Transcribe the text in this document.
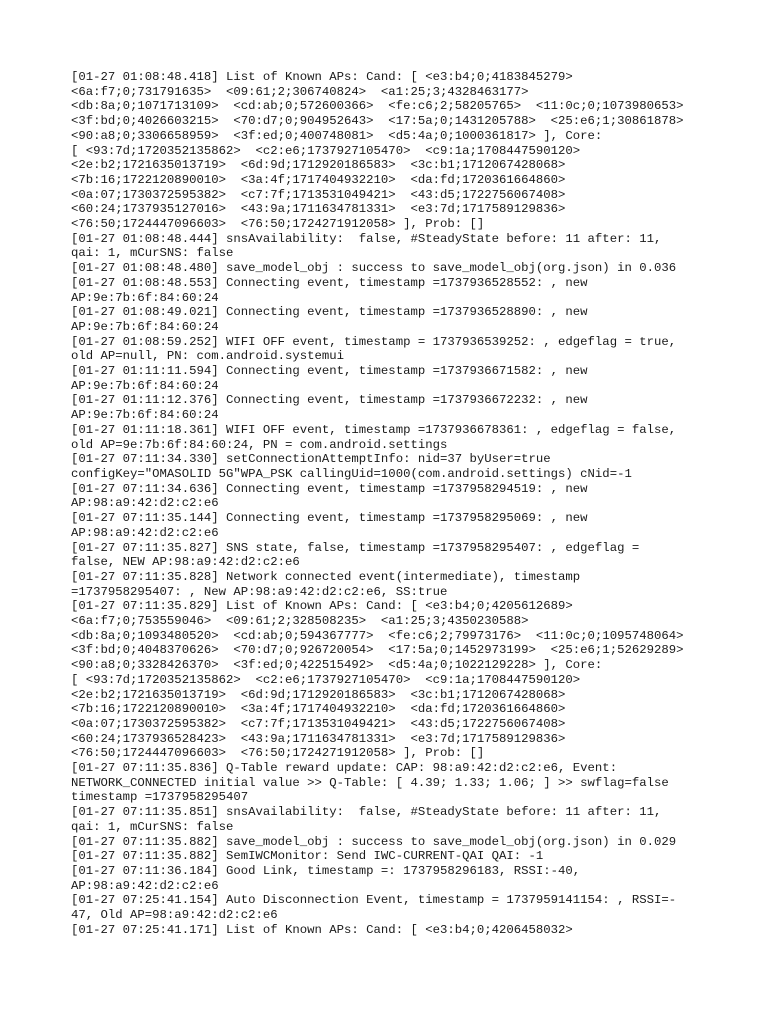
[01-27 01:08:48.418] List of Known APs: Cand: [ <e3:b4;0;4183845279>
<6a:f7;0;731791635>  <09:61;2;306740824>  <a1:25;3;4328463177>
<db:8a;0;1071713109>  <cd:ab;0;572600366>  <fe:c6;2;58205765>  <11:0c;0;1073980653>
<3f:bd;0;4026603215>  <70:d7;0;904952643>  <17:5a;0;1431205788>  <25:e6;1;30861878>
<90:a8;0;3306658959>  <3f:ed;0;400748081>  <d5:4a;0;1000361817> ], Core:
[ <93:7d;1720352135862>  <c2:e6;1737927105470>  <c9:1a;1708447590120>
<2e:b2;1721635013719>  <6d:9d;1712920186583>  <3c:b1;1712067428068>
<7b:16;1722120890010>  <3a:4f;1717404932210>  <da:fd;1720361664860>
<0a:07;1730372595382>  <c7:7f;1713531049421>  <43:d5;1722756067408>
<60:24;1737935127016>  <43:9a;1711634781331>  <e3:7d;1717589129836>
<76:50;1724447096603>  <76:50;1724271912058> ], Prob: []
[01-27 01:08:48.444] snsAvailability:  false, #SteadyState before: 11 after: 11,
qai: 1, mCurSNS: false
[01-27 01:08:48.480] save_model_obj : success to save_model_obj(org.json) in 0.036
[01-27 01:08:48.553] Connecting event, timestamp =1737936528552: , new
AP:9e:7b:6f:84:60:24
[01-27 01:08:49.021] Connecting event, timestamp =1737936528890: , new
AP:9e:7b:6f:84:60:24
[01-27 01:08:59.252] WIFI OFF event, timestamp = 1737936539252: , edgeflag = true,
old AP=null, PN: com.android.systemui
[01-27 01:11:11.594] Connecting event, timestamp =1737936671582: , new
AP:9e:7b:6f:84:60:24
[01-27 01:11:12.376] Connecting event, timestamp =1737936672232: , new
AP:9e:7b:6f:84:60:24
[01-27 01:11:18.361] WIFI OFF event, timestamp =1737936678361: , edgeflag = false,
old AP=9e:7b:6f:84:60:24, PN = com.android.settings
[01-27 07:11:34.330] setConnectionAttemptInfo: nid=37 byUser=true
configKey="OMASOLID 5G"WPA_PSK callingUid=1000(com.android.settings) cNid=-1
[01-27 07:11:34.636] Connecting event, timestamp =1737958294519: , new
AP:98:a9:42:d2:c2:e6
[01-27 07:11:35.144] Connecting event, timestamp =1737958295069: , new
AP:98:a9:42:d2:c2:e6
[01-27 07:11:35.827] SNS state, false, timestamp =1737958295407: , edgeflag =
false, NEW AP:98:a9:42:d2:c2:e6
[01-27 07:11:35.828] Network connected event(intermediate), timestamp
=1737958295407: , New AP:98:a9:42:d2:c2:e6, SS:true
[01-27 07:11:35.829] List of Known APs: Cand: [ <e3:b4;0;4205612689>
<6a:f7;0;753559046>  <09:61;2;328508235>  <a1:25;3;4350230588>
<db:8a;0;1093480520>  <cd:ab;0;594367777>  <fe:c6;2;79973176>  <11:0c;0;1095748064>
<3f:bd;0;4048370626>  <70:d7;0;926720054>  <17:5a;0;1452973199>  <25:e6;1;52629289>
<90:a8;0;3328426370>  <3f:ed;0;422515492>  <d5:4a;0;1022129228> ], Core:
[ <93:7d;1720352135862>  <c2:e6;1737927105470>  <c9:1a;1708447590120>
<2e:b2;1721635013719>  <6d:9d;1712920186583>  <3c:b1;1712067428068>
<7b:16;1722120890010>  <3a:4f;1717404932210>  <da:fd;1720361664860>
<0a:07;1730372595382>  <c7:7f;1713531049421>  <43:d5;1722756067408>
<60:24;1737936528423>  <43:9a;1711634781331>  <e3:7d;1717589129836>
<76:50;1724447096603>  <76:50;1724271912058> ], Prob: []
[01-27 07:11:35.836] Q-Table reward update: CAP: 98:a9:42:d2:c2:e6, Event:
NETWORK_CONNECTED initial value >> Q-Table: [ 4.39; 1.33; 1.06; ] >> swflag=false
timestamp =1737958295407
[01-27 07:11:35.851] snsAvailability:  false, #SteadyState before: 11 after: 11,
qai: 1, mCurSNS: false
[01-27 07:11:35.882] save_model_obj : success to save_model_obj(org.json) in 0.029
[01-27 07:11:35.882] SemIWCMonitor: Send IWC-CURRENT-QAI QAI: -1
[01-27 07:11:36.184] Good Link, timestamp =: 1737958296183, RSSI:-40,
AP:98:a9:42:d2:c2:e6
[01-27 07:25:41.154] Auto Disconnection Event, timestamp = 1737959141154: , RSSI=-
47, Old AP=98:a9:42:d2:c2:e6
[01-27 07:25:41.171] List of Known APs: Cand: [ <e3:b4;0;4206458032>
